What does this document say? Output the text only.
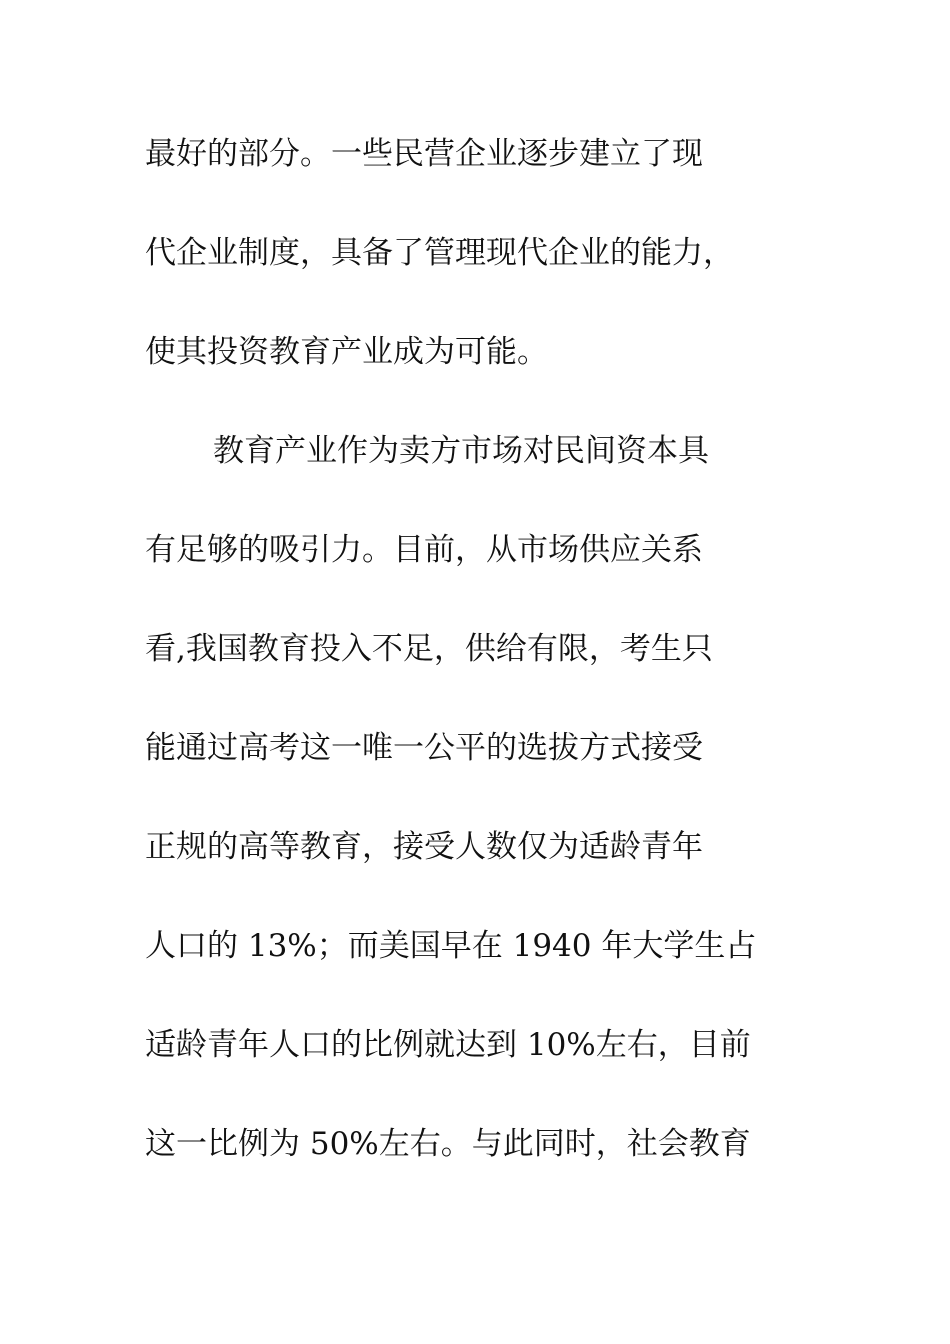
最好的部分。一些民营企业逐步建立了现
代企业制度，具备了管理现代企业的能力，
使其投资教育产业成为可能。
教育产业作为卖方市场对民间资本具
有足够的吸引力。目前，从市场供应关系
看,我国教育投入不足，供给有限，考生只
能通过高考这一唯一公平的选拔方式接受
正规的高等教育，接受人数仅为适龄青年
人口的 13%；而美国早在 1940 年大学生占
适龄青年人口的比例就达到 10%左右，目前
这一比例为 50%左右。与此同时，社会教育
